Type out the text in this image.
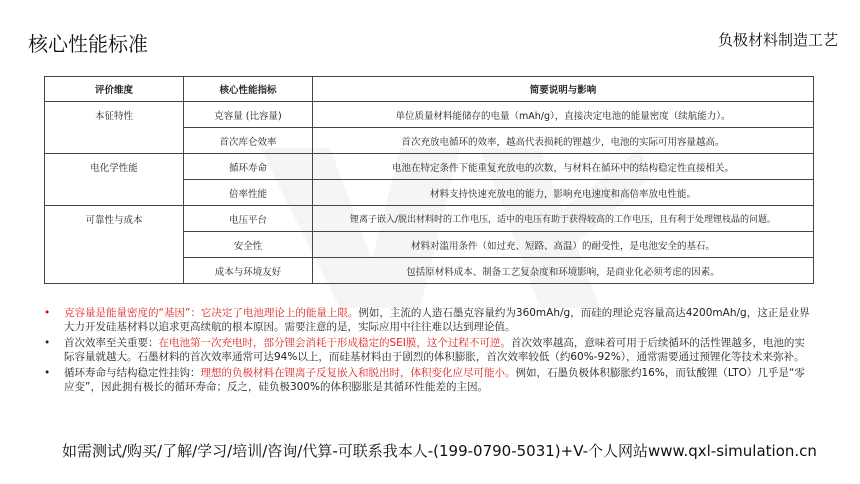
核心性能标准	负极材料制造工艺
评价维度	核心性能指标	简要说明与影响
本征特性	克容量 (比容量)	单位质量材料能储存的电量（mAh/g），直接决定电池的能量密度（续航能力）。
	首次库仑效率	首次充放电循环的效率，越高代表损耗的锂越少，电池的实际可用容量越高。
电化学性能	循环寿命	电池在特定条件下能重复充放电的次数，与材料在循环中的结构稳定性直接相关。
	倍率性能	材料支持快速充放电的能力，影响充电速度和高倍率放电性能。
可靠性与成本	电压平台	锂离子嵌入/脱出材料时的工作电压，适中的电压有助于获得较高的工作电压，且有利于处理锂枝晶的问题。
	安全性	材料对滥用条件（如过充、短路、高温）的耐受性，是电池安全的基石。
	成本与环境友好	包括原材料成本、制备工艺复杂度和环境影响，是商业化必须考虑的因素。
• 克容量是能量密度的“基因”：它决定了电池理论上的能量上限。例如，主流的人造石墨克容量约为360mAh/g，而硅的理论克容量高达4200mAh/g，这正是业界大力开发硅基材料以追求更高续航的根本原因。需要注意的是，实际应用中往往难以达到理论值。
• 首次效率至关重要：在电池第一次充电时，部分锂会消耗于形成稳定的SEI膜，这个过程不可逆。首次效率越高，意味着可用于后续循环的活性锂越多，电池的实际容量就越大。石墨材料的首次效率通常可达94%以上，而硅基材料由于剧烈的体积膨胀，首次效率较低（约60%-92%），通常需要通过预锂化等技术来弥补。
• 循环寿命与结构稳定性挂钩：理想的负极材料在锂离子反复嵌入和脱出时，体积变化应尽可能小。例如，石墨负极体积膨胀约16%，而钛酸锂（LTO）几乎是“零应变”，因此拥有极长的循环寿命；反之，硅负极300%的体积膨胀是其循环性能差的主因。
如需测试/购买/了解/学习/培训/咨询/代算-可联系我本人-(199-0790-5031)+V-个人网站www.qxl-simulation.cn
